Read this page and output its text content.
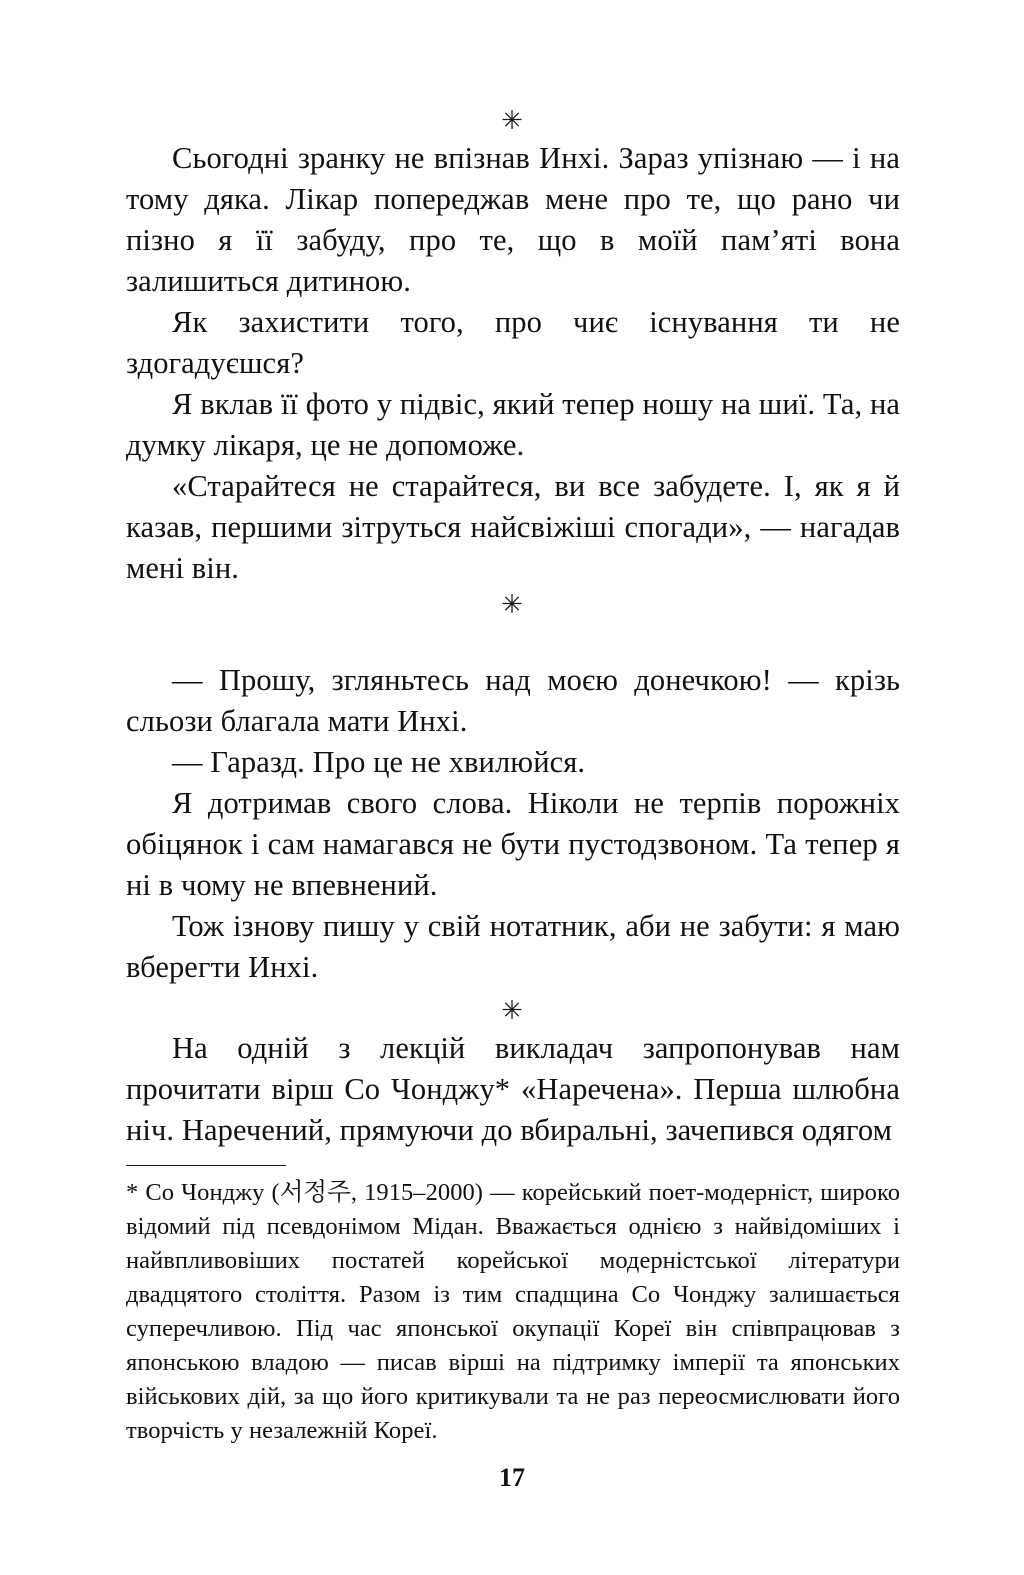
✳

Сьогодні зранку не впізнав Инхі. Зараз упізнаю — і на тому дяка. Лікар попереджав мене про те, що рано чи пізно я її забуду, про те, що в моїй пам’яті вона залишиться дитиною.

Як захистити того, про чиє існування ти не здогадуєшся?

Я вклав її фото у підвіс, який тепер ношу на шиї. Та, на думку лікаря, це не допоможе.

«Старайтеся не старайтеся, ви все забудете. І, як я й казав, першими зітруться найсвіжіші спогади», — нагадав мені він.

✳

— Прошу, згляньтесь над моєю донечкою! — крізь сльози благала мати Инхі.

— Гаразд. Про це не хвилюйся.

Я дотримав свого слова. Ніколи не терпів порожніх обіцянок і сам намагався не бути пустодзвоном. Та тепер я ні в чому не впевнений.

Тож ізнову пишу у свій нотатник, аби не забути: я маю вберегти Инхі.

✳

На одній з лекцій викладач запропонував нам прочитати вірш Со Чонджу* «Наречена». Перша шлюбна ніч. Наречений, прямуючи до вбиральні, зачепився одягом

* Со Чонджу (서정주, 1915–2000) — корейський поет-модерніст, широко відомий під псевдонімом Мідан. Вважається однією з найвідоміших і найвпливовіших постатей корейської модерністської літератури двадцятого століття. Разом із тим спадщина Со Чонджу залишається суперечливою. Під час японської окупації Кореї він співпрацював з японською владою — писав вірші на підтримку імперії та японських військових дій, за що його критикували та не раз переосмислювати його творчість у незалежній Кореї.

17
